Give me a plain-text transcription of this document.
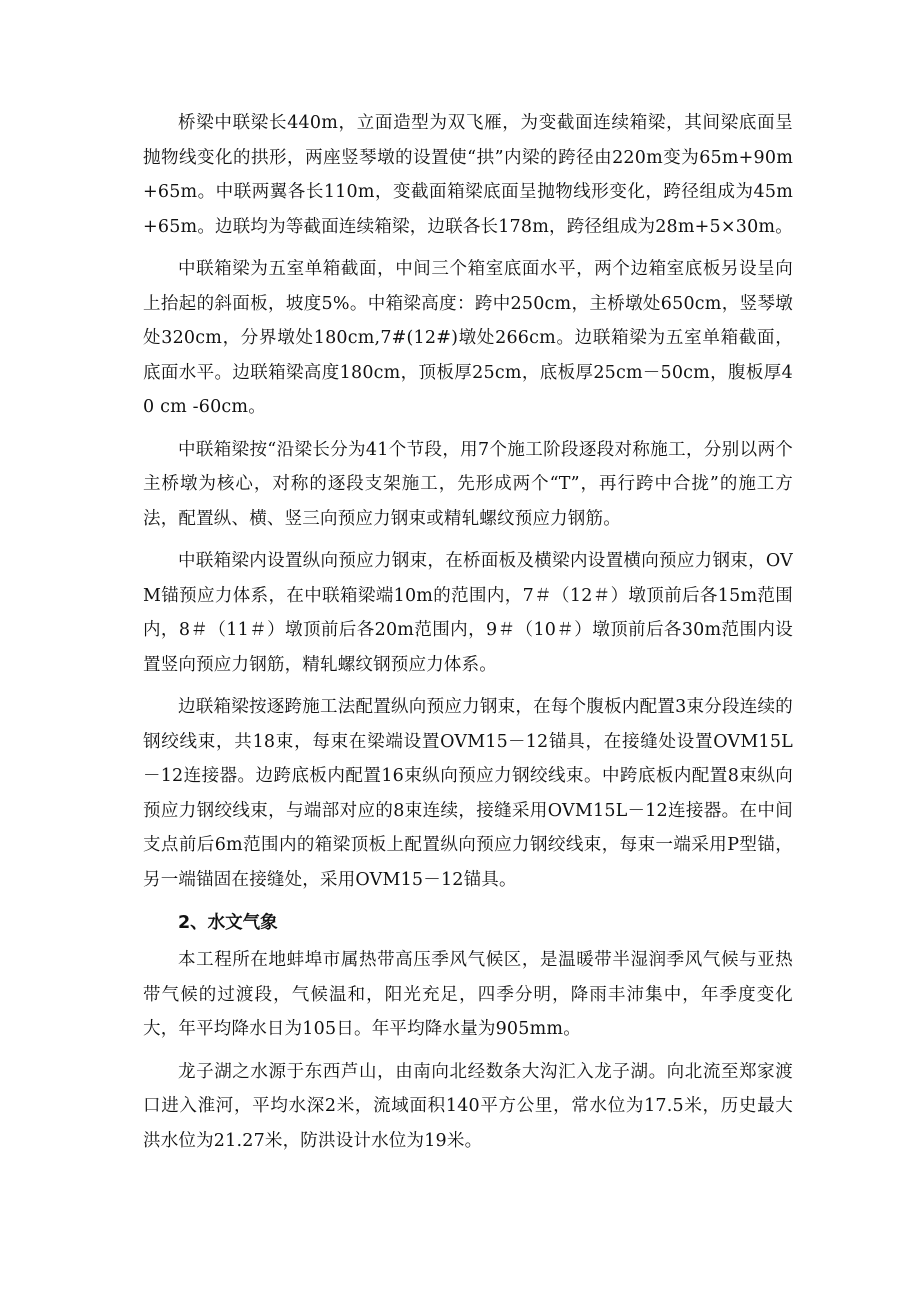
桥梁中联梁长440m，立面造型为双飞雁，为变截面连续箱梁，其间梁底面呈抛物线变化的拱形，两座竖琴墩的设置使“拱”内梁的跨径由220m变为65m+90m+65m。中联两翼各长110m，变截面箱梁底面呈抛物线形变化，跨径组成为45m+65m。边联均为等截面连续箱梁，边联各长178m，跨径组成为28m+5×30m。

中联箱梁为五室单箱截面，中间三个箱室底面水平，两个边箱室底板另设呈向上抬起的斜面板，坡度5%。中箱梁高度：跨中250cm，主桥墩处650cm，竖琴墩处320cm，分界墩处180cm,7#(12#)墩处266cm。边联箱梁为五室单箱截面，底面水平。边联箱梁高度180cm，顶板厚25cm，底板厚25cm－50cm，腹板厚40 cm -60cm。

中联箱梁按“沿梁长分为41个节段，用7个施工阶段逐段对称施工，分别以两个主桥墩为核心，对称的逐段支架施工，先形成两个“T”，再行跨中合拢”的施工方法，配置纵、横、竖三向预应力钢束或精轧螺纹预应力钢筋。

中联箱梁内设置纵向预应力钢束，在桥面板及横梁内设置横向预应力钢束，OVM锚预应力体系，在中联箱梁端10m的范围内，7＃（12＃）墩顶前后各15m范围内，8＃（11＃）墩顶前后各20m范围内，9＃（10＃）墩顶前后各30m范围内设置竖向预应力钢筋，精轧螺纹钢预应力体系。

边联箱梁按逐跨施工法配置纵向预应力钢束，在每个腹板内配置3束分段连续的钢绞线束，共18束，每束在梁端设置OVM15－12锚具，在接缝处设置OVM15L－12连接器。边跨底板内配置16束纵向预应力钢绞线束。中跨底板内配置8束纵向预应力钢绞线束，与端部对应的8束连续，接缝采用OVM15L－12连接器。在中间支点前后6m范围内的箱梁顶板上配置纵向预应力钢绞线束，每束一端采用P型锚，另一端锚固在接缝处，采用OVM15－12锚具。

2、水文气象

本工程所在地蚌埠市属热带高压季风气候区，是温暖带半湿润季风气候与亚热带气候的过渡段，气候温和，阳光充足，四季分明，降雨丰沛集中，年季度变化大，年平均降水日为105日。年平均降水量为905mm。

龙子湖之水源于东西芦山，由南向北经数条大沟汇入龙子湖。向北流至郑家渡口进入淮河，平均水深2米，流域面积140平方公里，常水位为17.5米，历史最大洪水位为21.27米，防洪设计水位为19米。
